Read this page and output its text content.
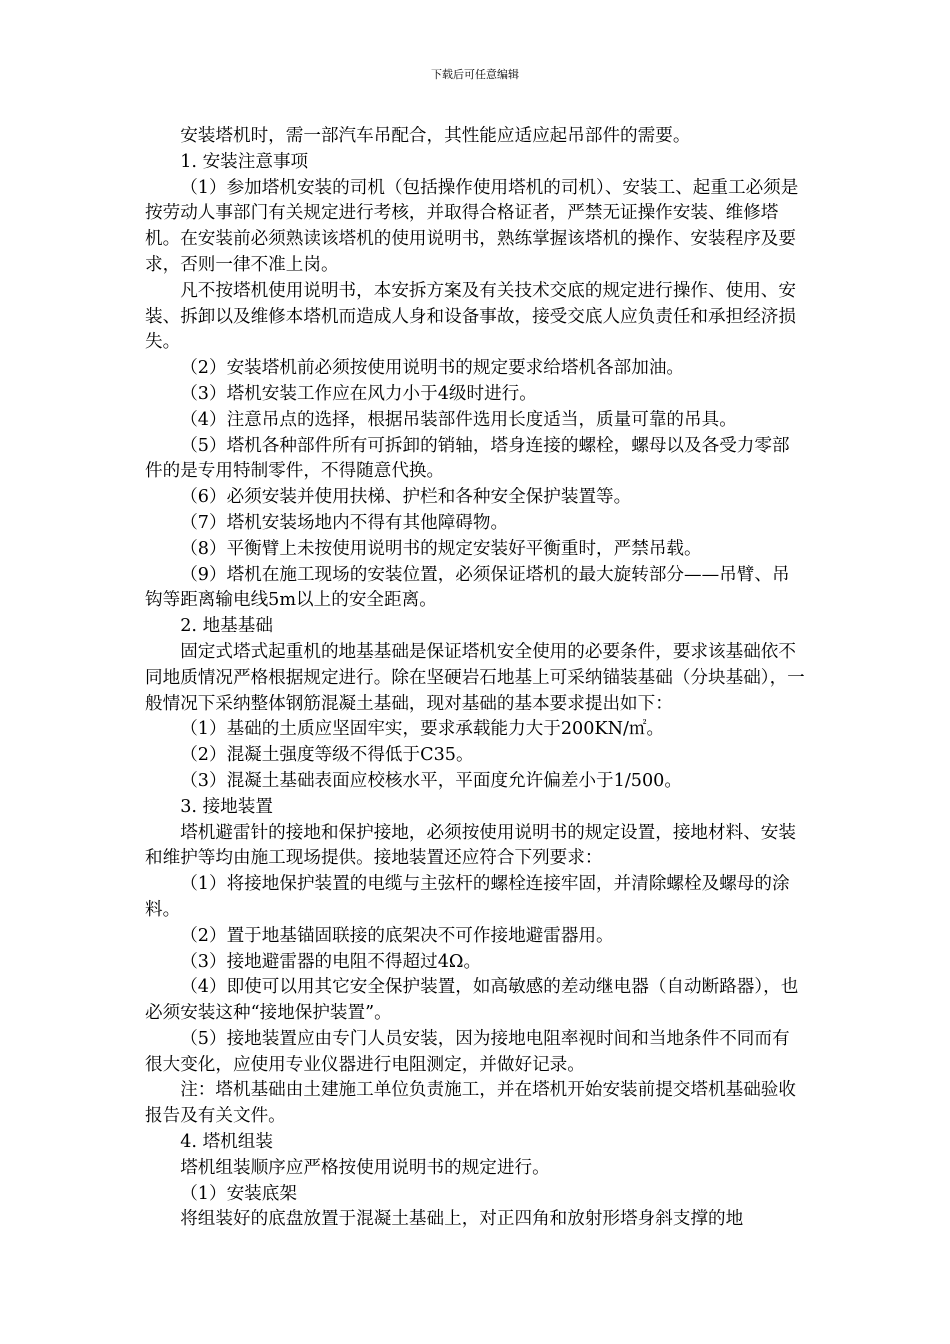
下载后可任意编辑

安装塔机时，需一部汽车吊配合，其性能应适应起吊部件的需要。

1. 安装注意事项

（1）参加塔机安装的司机（包括操作使用塔机的司机）、安装工、起重工必须是按劳动人事部门有关规定进行考核，并取得合格证者，严禁无证操作安装、维修塔机。在安装前必须熟读该塔机的使用说明书，熟练掌握该塔机的操作、安装程序及要求，否则一律不准上岗。

凡不按塔机使用说明书，本安拆方案及有关技术交底的规定进行操作、使用、安装、拆卸以及维修本塔机而造成人身和设备事故，接受交底人应负责任和承担经济损失。

（2）安装塔机前必须按使用说明书的规定要求给塔机各部加油。

（3）塔机安装工作应在风力小于4级时进行。

（4）注意吊点的选择，根据吊装部件选用长度适当，质量可靠的吊具。

（5）塔机各种部件所有可拆卸的销轴，塔身连接的螺栓，螺母以及各受力零部件的是专用特制零件，不得随意代换。

（6）必须安装并使用扶梯、护栏和各种安全保护装置等。

（7）塔机安装场地内不得有其他障碍物。

（8）平衡臂上未按使用说明书的规定安装好平衡重时，严禁吊载。

（9）塔机在施工现场的安装位置，必须保证塔机的最大旋转部分——吊臂、吊钩等距离输电线5m以上的安全距离。

2. 地基基础

固定式塔式起重机的地基基础是保证塔机安全使用的必要条件，要求该基础依不同地质情况严格根据规定进行。除在坚硬岩石地基上可采纳锚装基础（分块基础），一般情况下采纳整体钢筋混凝土基础，现对基础的基本要求提出如下：

（1）基础的土质应坚固牢实，要求承载能力大于200KN/㎡。

（2）混凝土强度等级不得低于C35。

（3）混凝土基础表面应校核水平，平面度允许偏差小于1/500。

3. 接地装置

塔机避雷针的接地和保护接地，必须按使用说明书的规定设置，接地材料、安装和维护等均由施工现场提供。接地装置还应符合下列要求：

（1）将接地保护装置的电缆与主弦杆的螺栓连接牢固，并清除螺栓及螺母的涂料。

（2）置于地基锚固联接的底架决不可作接地避雷器用。

（3）接地避雷器的电阻不得超过4Ω。

（4）即使可以用其它安全保护装置，如高敏感的差动继电器（自动断路器），也必须安装这种“接地保护装置”。

（5）接地装置应由专门人员安装，因为接地电阻率视时间和当地条件不同而有很大变化，应使用专业仪器进行电阻测定，并做好记录。

注：塔机基础由土建施工单位负责施工，并在塔机开始安装前提交塔机基础验收报告及有关文件。

4. 塔机组装

塔机组装顺序应严格按使用说明书的规定进行。

（1）安装底架

将组装好的底盘放置于混凝土基础上，对正四角和放射形塔身斜支撑的地
